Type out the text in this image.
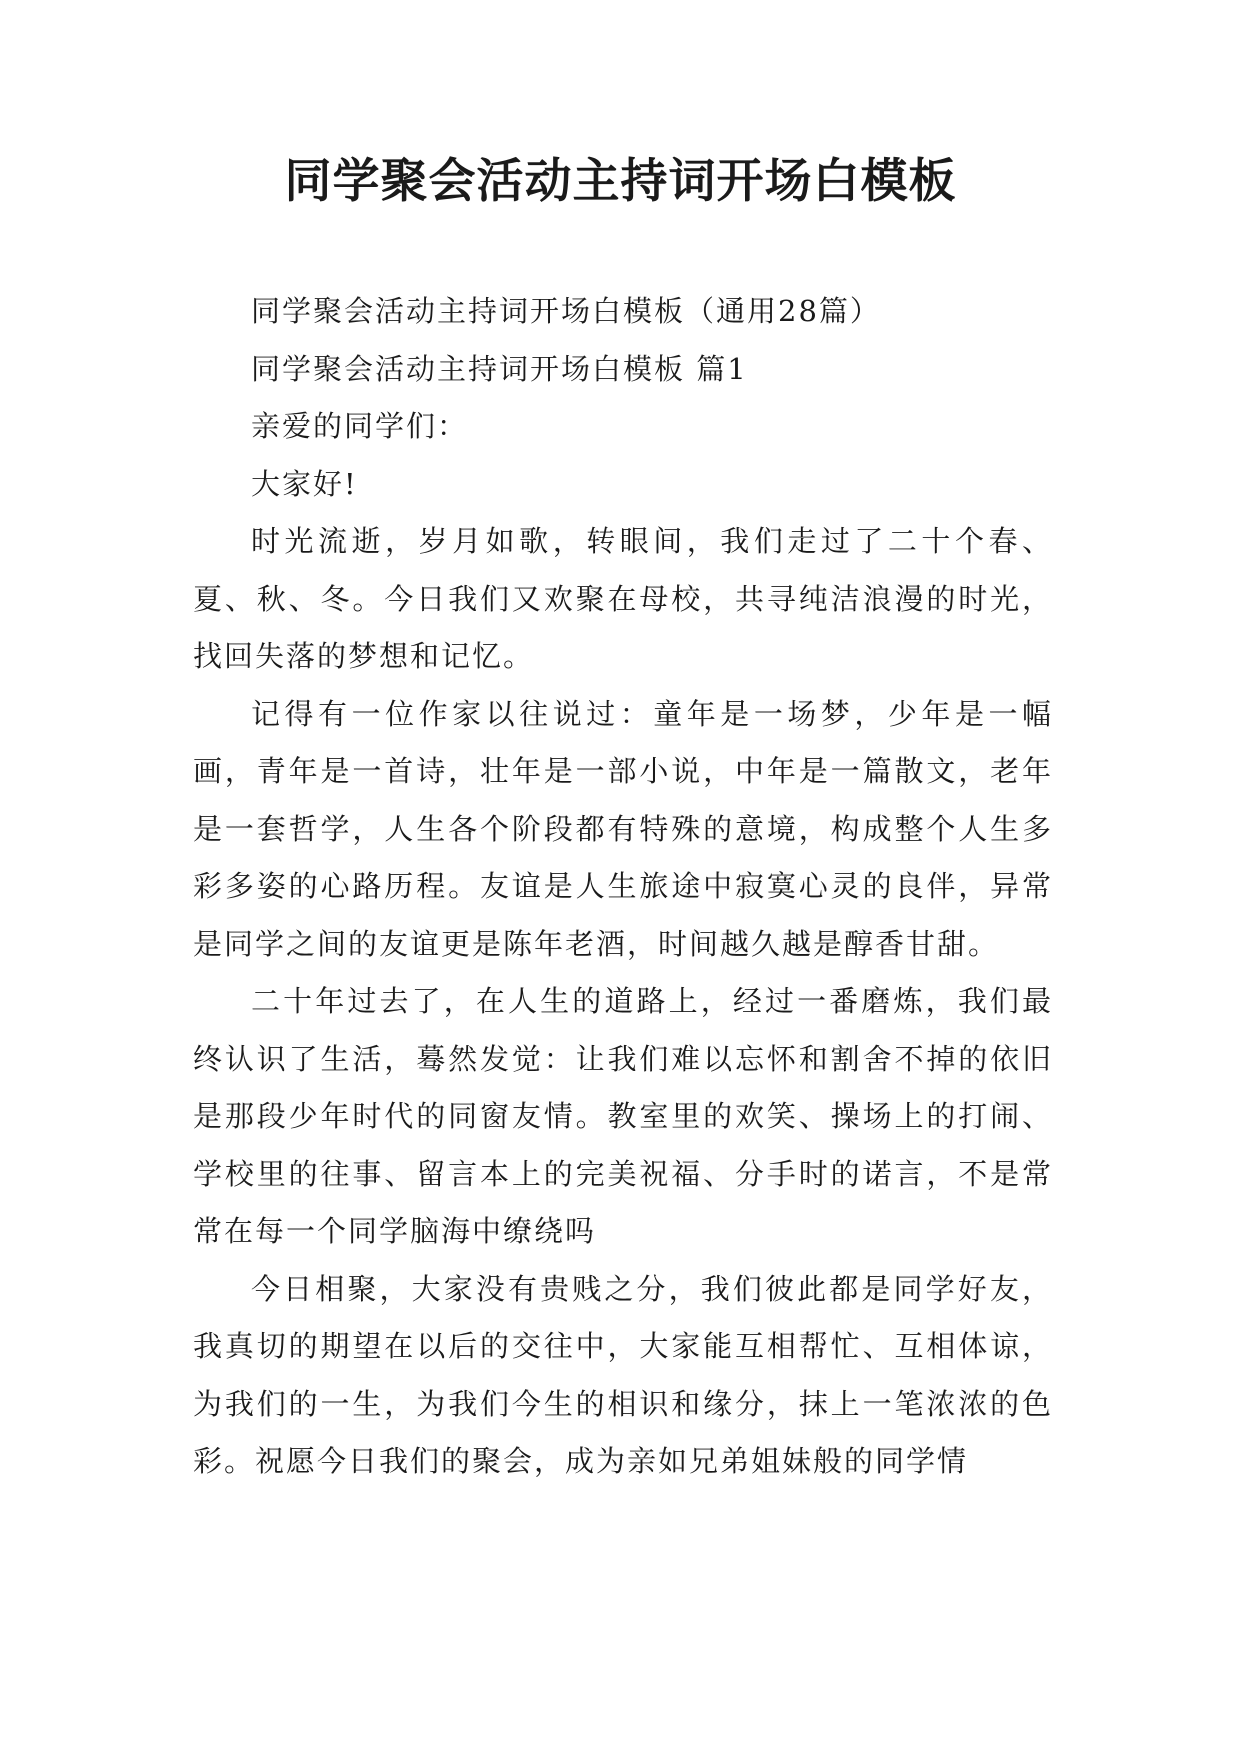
同学聚会活动主持词开场白模板

同学聚会活动主持词开场白模板（通用28篇）

同学聚会活动主持词开场白模板 篇1

亲爱的同学们：

大家好!

时光流逝，岁月如歌，转眼间，我们走过了二十个春、夏、秋、冬。今日我们又欢聚在母校，共寻纯洁浪漫的时光，找回失落的梦想和记忆。

记得有一位作家以往说过：童年是一场梦，少年是一幅画，青年是一首诗，壮年是一部小说，中年是一篇散文，老年是一套哲学，人生各个阶段都有特殊的意境，构成整个人生多彩多姿的心路历程。友谊是人生旅途中寂寞心灵的良伴，异常是同学之间的友谊更是陈年老酒，时间越久越是醇香甘甜。

二十年过去了，在人生的道路上，经过一番磨炼，我们最终认识了生活，蓦然发觉：让我们难以忘怀和割舍不掉的依旧是那段少年时代的同窗友情。教室里的欢笑、操场上的打闹、学校里的往事、留言本上的完美祝福、分手时的诺言，不是常常在每一个同学脑海中缭绕吗

今日相聚，大家没有贵贱之分，我们彼此都是同学好友，我真切的期望在以后的交往中，大家能互相帮忙、互相体谅，为我们的一生，为我们今生的相识和缘分，抹上一笔浓浓的色彩。祝愿今日我们的聚会，成为亲如兄弟姐妹般的同学情
